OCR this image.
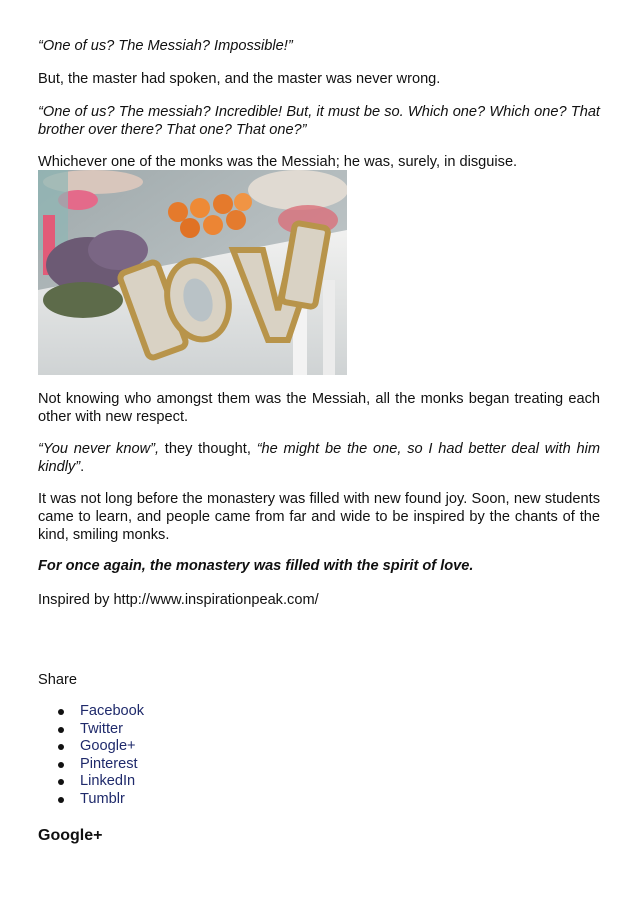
“One of us? The Messiah? Impossible!”

But, the master had spoken, and the master was never wrong.

“One of us? The messiah? Incredible! But, it must be so. Which one? Which one? That brother over there? That one? That one?”

Whichever one of the monks was the Messiah; he was, surely, in disguise.

Not knowing who amongst them was the Messiah, all the monks began treating each other with new respect.

“You never know”, they thought, “he might be the one, so I had better deal with him kindly”.

It was not long before the monastery was filled with new found joy. Soon, new students came to learn, and people came from far and wide to be inspired by the chants of the kind, smiling monks.

For once again, the monastery was filled with the spirit of love.

Inspired by http://www.inspirationpeak.com/

Share
Facebook
Twitter
Google+
Pinterest
LinkedIn
Tumblr
Google+
